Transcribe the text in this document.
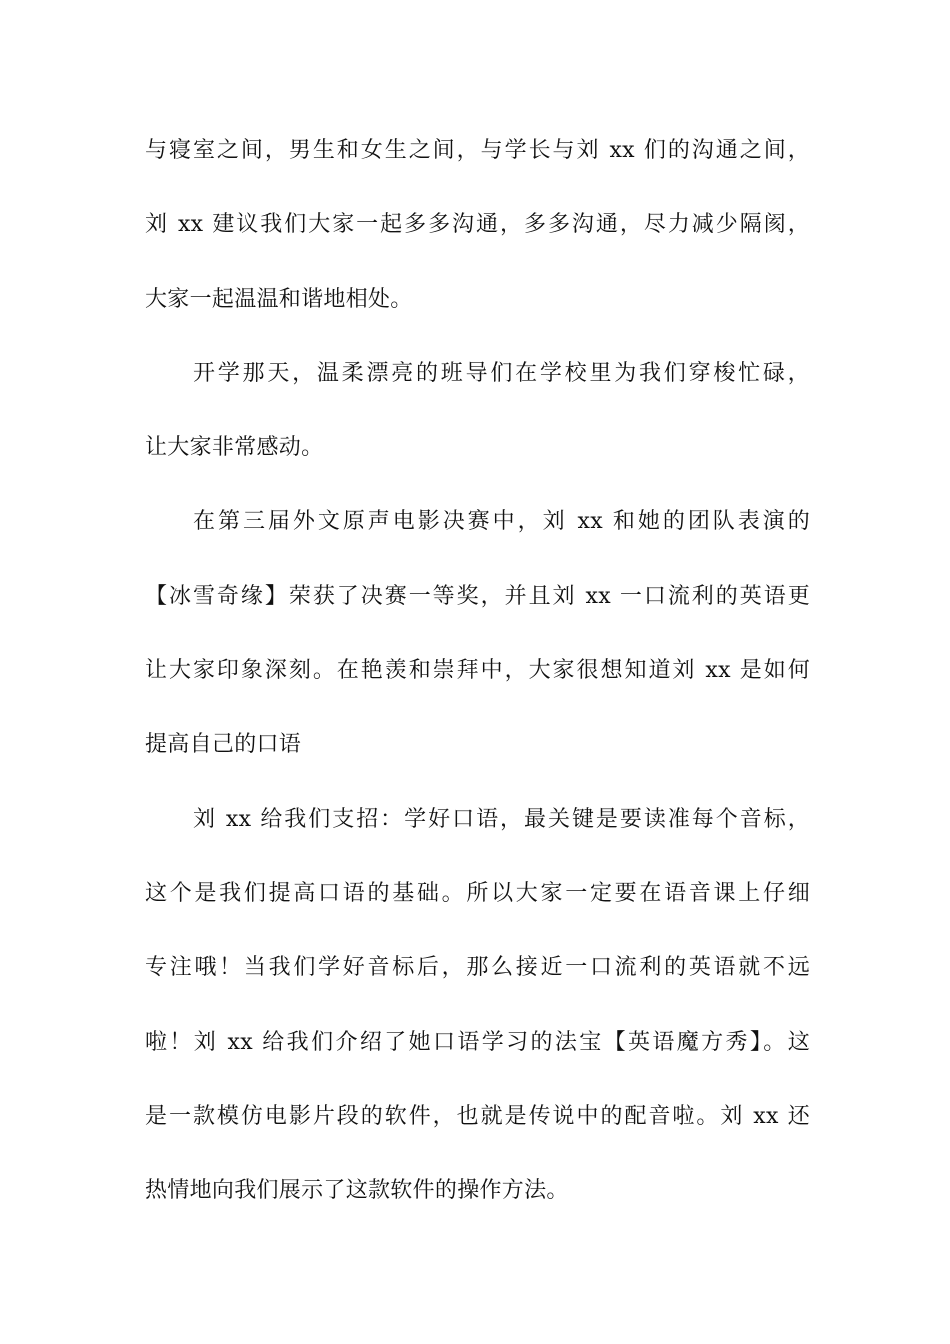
与寝室之间，男生和女生之间，与学长与刘 xx 们的沟通之间，
刘 xx 建议我们大家一起多多沟通，多多沟通，尽力减少隔阂，
大家一起温温和谐地相处。
开学那天，温柔漂亮的班导们在学校里为我们穿梭忙碌，
让大家非常感动。
在第三届外文原声电影决赛中，刘 xx 和她的团队表演的
【冰雪奇缘】荣获了决赛一等奖，并且刘 xx 一口流利的英语更
让大家印象深刻。在艳羡和崇拜中，大家很想知道刘 xx 是如何
提高自己的口语
刘 xx 给我们支招：学好口语，最关键是要读准每个音标，
这个是我们提高口语的基础。所以大家一定要在语音课上仔细
专注哦！当我们学好音标后，那么接近一口流利的英语就不远
啦！刘 xx 给我们介绍了她口语学习的法宝【英语魔方秀】。这
是一款模仿电影片段的软件，也就是传说中的配音啦。刘 xx 还
热情地向我们展示了这款软件的操作方法。
